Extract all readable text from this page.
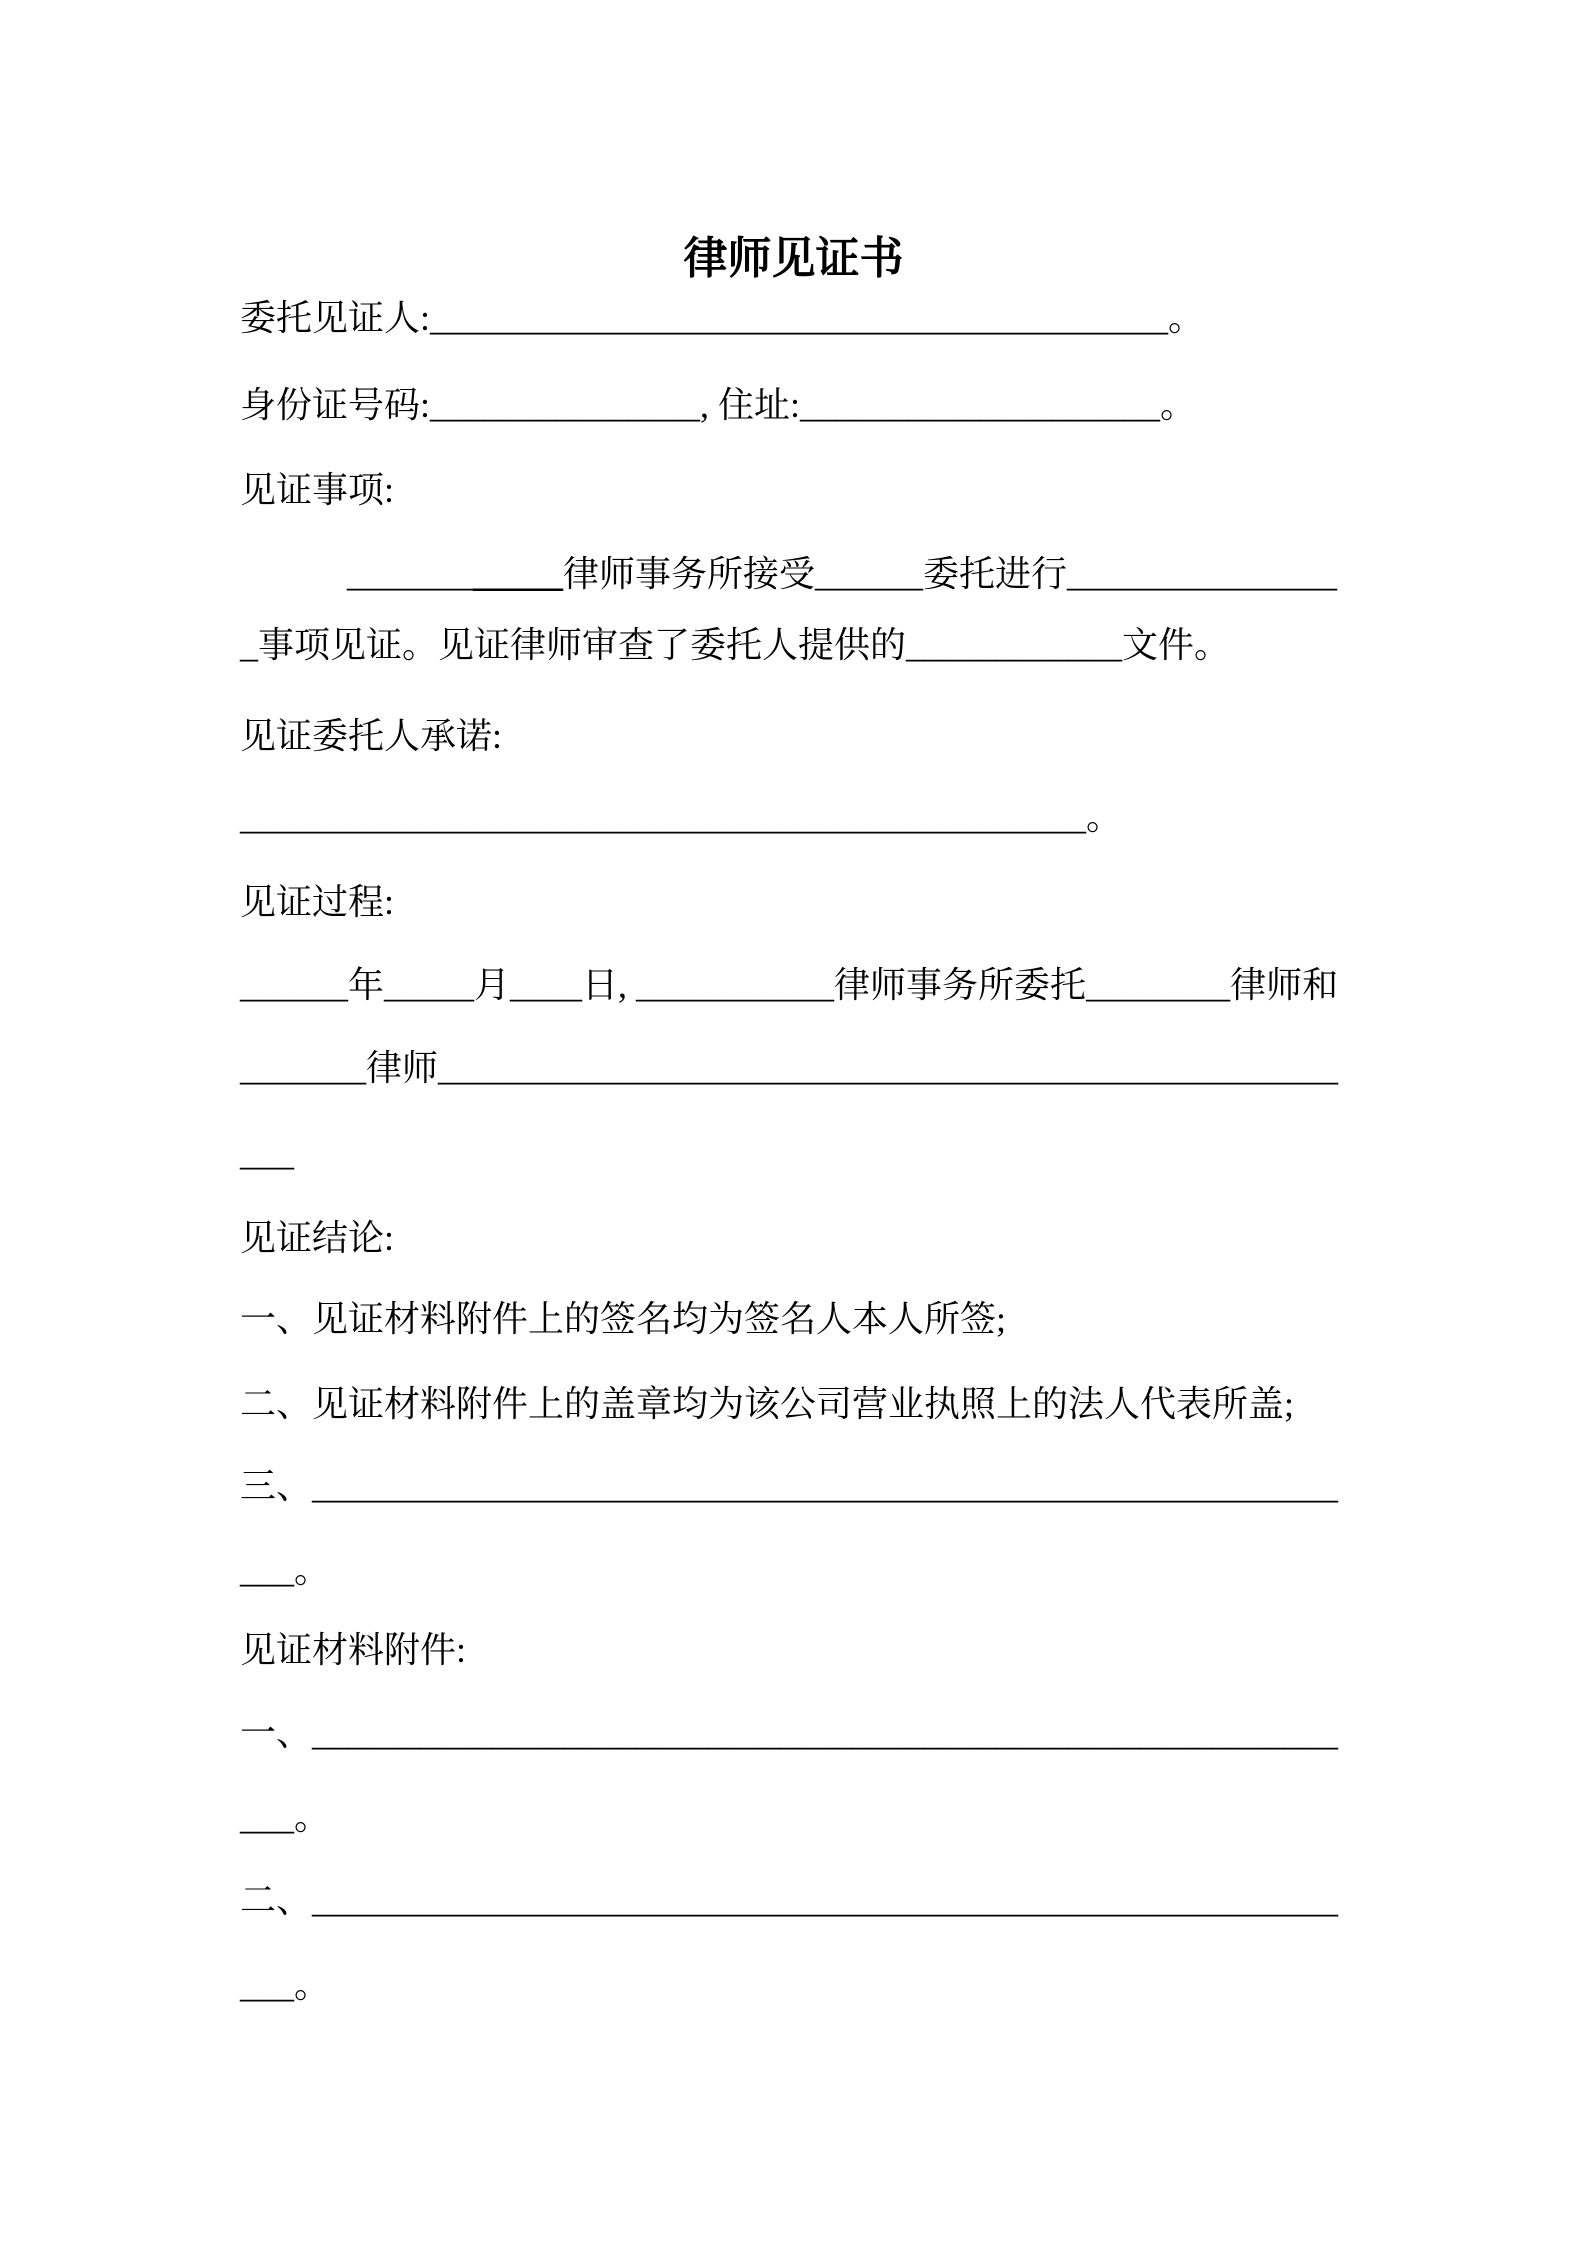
律师见证书
委托见证人:_________________________________________。
身份证号码:_______________, 住址:____________________。
见证事项:
____________律师事务所接受______委托进行_______________
_事项见证。见证律师审查了委托人提供的____________文件。
见证委托人承诺:
_______________________________________________。
见证过程:
______年_____月____日, ___________律师事务所委托________律师和
_______律师__________________________________________________
___
见证结论:
一、见证材料附件上的签名均为签名人本人所签;
二、见证材料附件上的盖章均为该公司营业执照上的法人代表所盖;
三、_________________________________________________________
___。
见证材料附件:
一、_________________________________________________________
___。
二、_________________________________________________________
___。
